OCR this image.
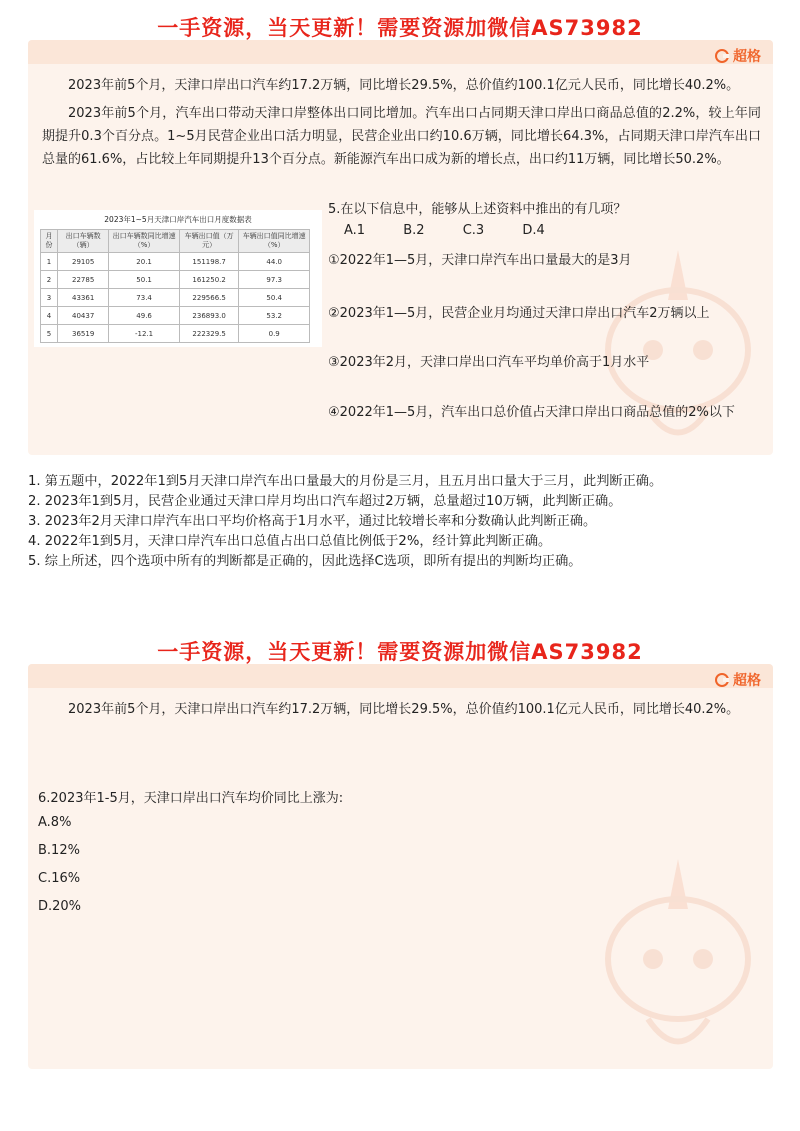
一手资源，当天更新！需要资源加微信AS73982
超格
2023年前5个月，天津口岸出口汽车约17.2万辆，同比增长29.5%，总价值约100.1亿元人民币，同比增长40.2%。
2023年前5个月，汽车出口带动天津口岸整体出口同比增加。汽车出口占同期天津口岸出口商品总值的2.2%，较上年同期提升0.3个百分点。1~5月民营企业出口活力明显，民营企业出口约10.6万辆，同比增长64.3%，占同期天津口岸汽车出口总量的61.6%，占比较上年同期提升13个百分点。新能源汽车出口成为新的增长点，出口约11万辆，同比增长50.2%。
2023年1~5月天津口岸汽车出口月度数据表
月份	出口车辆数（辆）	出口车辆数同比增速（%）	车辆出口值（万元）	车辆出口值同比增速（%）
1	29105	20.1	151198.7	44.0
2	22785	50.1	161250.2	97.3
3	43361	73.4	229566.5	50.4
4	40437	49.6	236893.0	53.2
5	36519	-12.1	222329.5	0.9
5.在以下信息中，能够从上述资料中推出的有几项？
A.1	B.2	C.3	D.4
①2022年1—5月，天津口岸汽车出口量最大的是3月
②2023年1—5月，民营企业月均通过天津口岸出口汽车2万辆以上
③2023年2月，天津口岸出口汽车平均单价高于1月水平
④2022年1—5月，汽车出口总价值占天津口岸出口商品总值的2%以下
1. 第五题中，2022年1到5月天津口岸汽车出口量最大的月份是三月，且五月出口量大于三月，此判断正确。
2. 2023年1到5月，民营企业通过天津口岸月均出口汽车超过2万辆，总量超过10万辆，此判断正确。
3. 2023年2月天津口岸汽车出口平均价格高于1月水平，通过比较增长率和分数确认此判断正确。
4. 2022年1到5月，天津口岸汽车出口总值占出口总值比例低于2%，经计算此判断正确。
5. 综上所述，四个选项中所有的判断都是正确的，因此选择C选项，即所有提出的判断均正确。
一手资源，当天更新！需要资源加微信AS73982
超格
2023年前5个月，天津口岸出口汽车约17.2万辆，同比增长29.5%，总价值约100.1亿元人民币，同比增长40.2%。
6.2023年1-5月，天津口岸出口汽车均价同比上涨为:
A.8%
B.12%
C.16%
D.20%
